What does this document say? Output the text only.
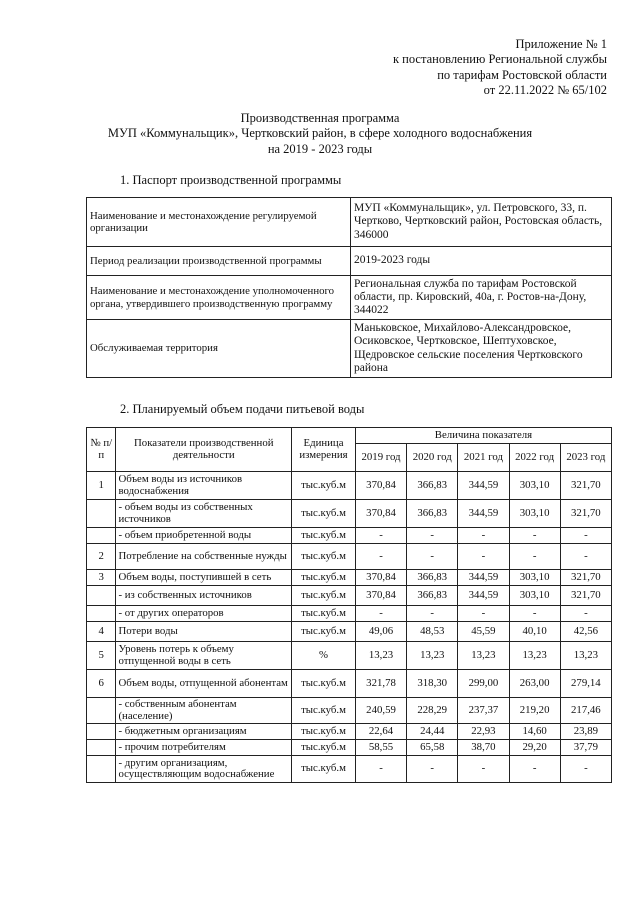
Приложение № 1
к постановлению Региональной службы
по тарифам Ростовской области
от 22.11.2022 № 65/102
Производственная программа
МУП «Коммунальщик», Чертковский район, в сфере холодного водоснабжения
на 2019 - 2023 годы
1. Паспорт производственной программы
Наименование и местонахождение регулируемой организации	МУП «Коммунальщик», ул. Петровского, 33, п. Чертково, Чертковский район, Ростовская область, 346000
Период реализации производственной программы	2019-2023 годы
Наименование и местонахождение уполномоченного органа, утвердившего производственную программу	Региональная служба по тарифам Ростовской области, пр. Кировский, 40а, г. Ростов-на-Дону, 344022
Обслуживаемая территория	Маньковское, Михайлово-Александровское, Осиковское, Чертковское, Шептуховское, Щедровское сельские поселения Чертковского района
2. Планируемый объем подачи питьевой воды
№ п/п	Показатели производственной деятельности	Единица измерения	Величина показателя				
			2019 год	2020 год	2021 год	2022 год	2023 год
1	Объем воды из источников водоснабжения	тыс.куб.м	370,84	366,83	344,59	303,10	321,70
	- объем воды из собственных источников	тыс.куб.м	370,84	366,83	344,59	303,10	321,70
	- объем приобретенной воды	тыс.куб.м	-	-	-	-	-
2	Потребление на собственные нужды	тыс.куб.м	-	-	-	-	-
3	Объем воды, поступившей в сеть	тыс.куб.м	370,84	366,83	344,59	303,10	321,70
	- из собственных источников	тыс.куб.м	370,84	366,83	344,59	303,10	321,70
	- от других операторов	тыс.куб.м	-	-	-	-	-
4	Потери воды	тыс.куб.м	49,06	48,53	45,59	40,10	42,56
5	Уровень потерь к объему отпущенной воды в сеть	%	13,23	13,23	13,23	13,23	13,23
6	Объем воды, отпущенной абонентам	тыс.куб.м	321,78	318,30	299,00	263,00	279,14
	- собственным абонентам (население)	тыс.куб.м	240,59	228,29	237,37	219,20	217,46
	- бюджетным организациям	тыс.куб.м	22,64	24,44	22,93	14,60	23,89
	- прочим потребителям	тыс.куб.м	58,55	65,58	38,70	29,20	37,79
	- другим организациям, осуществляющим водоснабжение	тыс.куб.м	-	-	-	-	-
